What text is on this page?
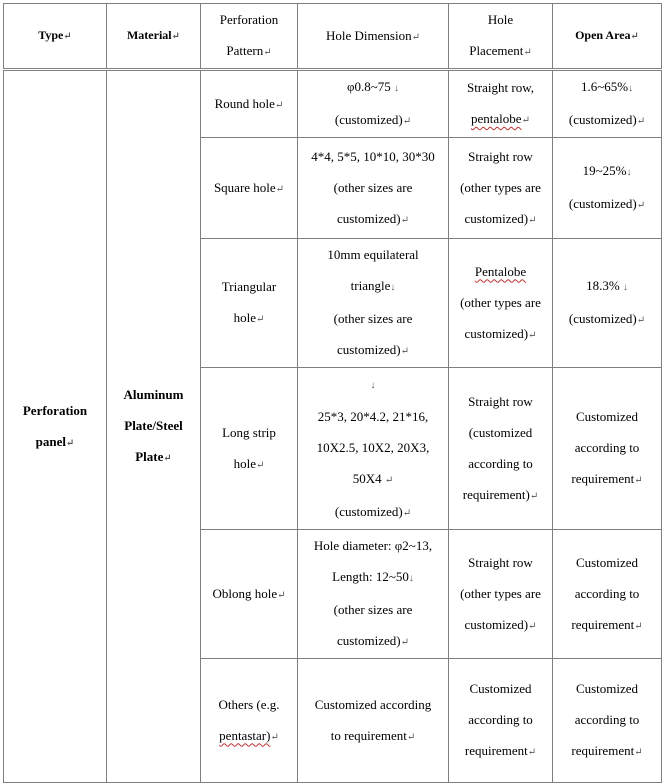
Type↵	Material↵	Perforation
Pattern↵	Hole Dimension↵	Hole
Placement↵	Open Area↵
Perforation
panel↵	Aluminum
Plate/Steel
Plate↵	Round hole↵	φ0.8~75 ↓
(customized)↵	Straight row,
pentalobe↵	1.6~65%↓
(customized)↵
		Square hole↵	4*4, 5*5, 10*10, 30*30
(other sizes are
customized)↵	Straight row
(other types are
customized)↵	19~25%↓
(customized)↵
		Triangular
hole↵	10mm equilateral
triangle↓
(other sizes are
customized)↵	Pentalobe
(other types are
customized)↵	18.3% ↓
(customized)↵
		Long strip
hole↵	↓
25*3, 20*4.2, 21*16,
10X2.5, 10X2, 20X3,
50X4 ↵
(customized)↵	Straight row
(customized
according to
requirement)↵	Customized
according to
requirement↵
		Oblong hole↵	Hole diameter: φ2~13,
Length: 12~50↓
(other sizes are
customized)↵	Straight row
(other types are
customized)↵	Customized
according to
requirement↵
		Others (e.g.
pentastar)↵	Customized according
to requirement↵	Customized
according to
requirement↵	Customized
according to
requirement↵
